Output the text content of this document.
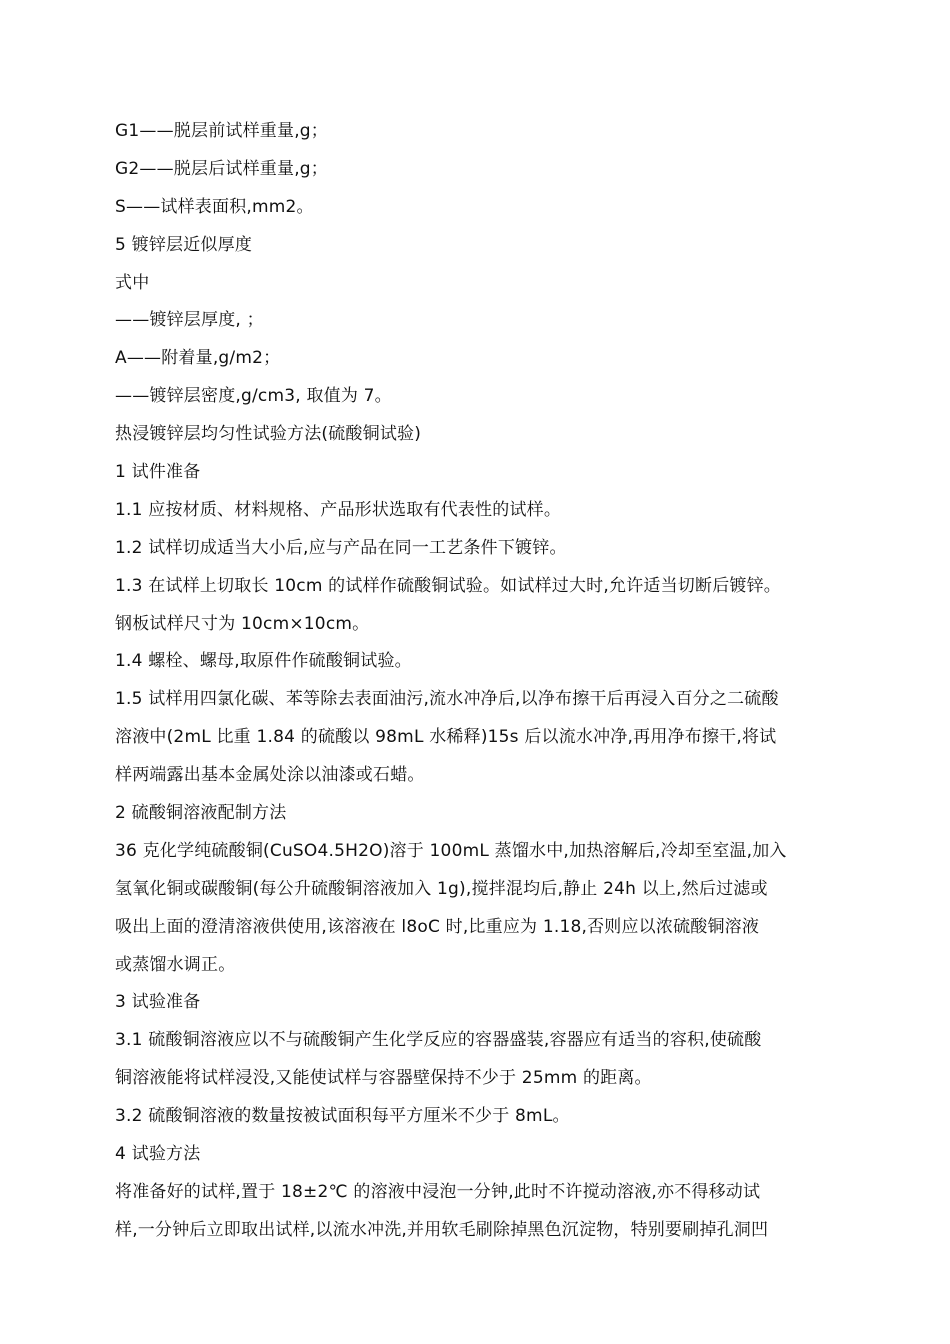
G1——脱层前试样重量,g；
G2——脱层后试样重量,g；
S——试样表面积,mm2。
5 镀锌层近似厚度
式中
——镀锌层厚度, ；
A——附着量,g/m2；
——镀锌层密度,g/cm3, 取值为 7。
热浸镀锌层均匀性试验方法(硫酸铜试验)
1 试件准备
1.1 应按材质、材料规格、产品形状选取有代表性的试样。
1.2 试样切成适当大小后,应与产品在同一工艺条件下镀锌。
1.3 在试样上切取长 10cm 的试样作硫酸铜试验。如试样过大时,允许适当切断后镀锌。
钢板试样尺寸为 10cm×10cm。
1.4 螺栓、螺母,取原件作硫酸铜试验。
1.5 试样用四氯化碳、苯等除去表面油污,流水冲净后,以净布擦干后再浸入百分之二硫酸
溶液中(2mL 比重 1.84 的硫酸以 98mL 水稀释)15s 后以流水冲净,再用净布擦干,将试
样两端露出基本金属处涂以油漆或石蜡。
2 硫酸铜溶液配制方法
36 克化学纯硫酸铜(CuSO4.5H2O)溶于 100mL 蒸馏水中,加热溶解后,冷却至室温,加入
氢氧化铜或碳酸铜(每公升硫酸铜溶液加入 1g),搅拌混均后,静止 24h 以上,然后过滤或
吸出上面的澄清溶液供使用,该溶液在 l8oC 时,比重应为 1.18,否则应以浓硫酸铜溶液
或蒸馏水调正。
3 试验准备
3.1 硫酸铜溶液应以不与硫酸铜产生化学反应的容器盛装,容器应有适当的容积,使硫酸
铜溶液能将试样浸没,又能使试样与容器壁保持不少于 25mm 的距离。
3.2 硫酸铜溶液的数量按被试面积每平方厘米不少于 8mL。
4 试验方法
将准备好的试样,置于 18±2℃ 的溶液中浸泡一分钟,此时不许搅动溶液,亦不得移动试
样,一分钟后立即取出试样,以流水冲洗,并用软毛刷除掉黑色沉淀物，特别要刷掉孔洞凹
